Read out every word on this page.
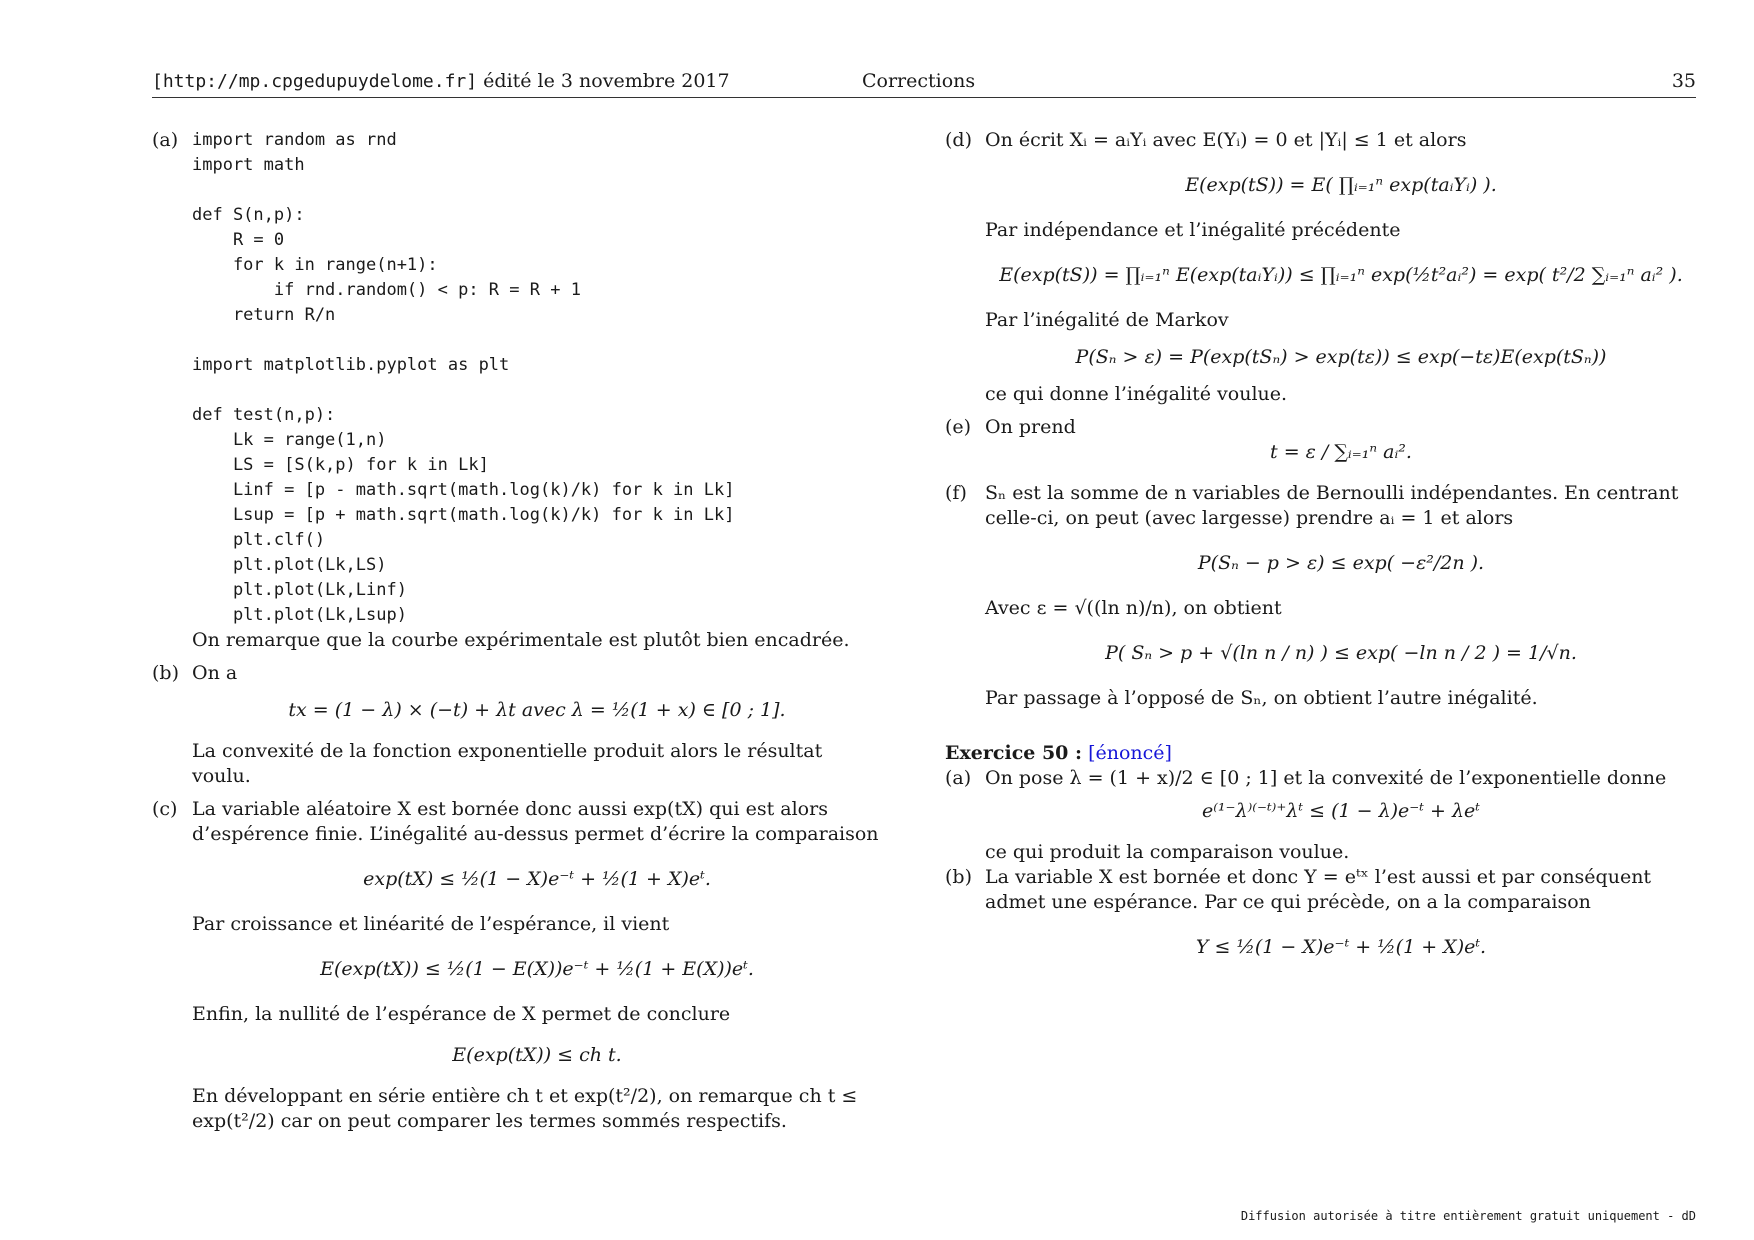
[http://mp.cpgedupuydelome.fr] édité le 3 novembre 2017	Corrections	35
(a) import random as rnd
import math

def S(n,p):
R = 0
for k in range(n+1):
if rnd.random() < p: R = R + 1
return R/n

import matplotlib.pyplot as plt

def test(n,p):
Lk = range(1,n)
LS = [S(k,p) for k in Lk]
Linf = [p - math.sqrt(math.log(k)/k) for k in Lk]
Lsup = [p + math.sqrt(math.log(k)/k) for k in Lk]
plt.clf()
plt.plot(Lk,LS)
plt.plot(Lk,Linf)
plt.plot(Lk,Lsup)

On remarque que la courbe expérimentale est plutôt bien encadrée.

(b) On a

tx = (1 − λ) × (−t) + λt avec λ = ½(1 + x) ∈ [0 ; 1].

La convexité de la fonction exponentielle produit alors le résultat voulu.

(c) La variable aléatoire X est bornée donc aussi exp(tX) qui est alors d’espérence finie. L’inégalité au-dessus permet d’écrire la comparaison

exp(tX) ≤ ½(1 − X)e⁻ᵗ + ½(1 + X)eᵗ.

Par croissance et linéarité de l’espérance, il vient

E(exp(tX)) ≤ ½(1 − E(X))e⁻ᵗ + ½(1 + E(X))eᵗ.

Enfin, la nullité de l’espérance de X permet de conclure

E(exp(tX)) ≤ ch t.

En développant en série entière ch t et exp(t²/2), on remarque ch t ≤ exp(t²/2) car on peut comparer les termes sommés respectifs.

(d) On écrit Xᵢ = aᵢYᵢ avec E(Yᵢ) = 0 et |Yᵢ| ≤ 1 et alors

E(exp(tS)) = E( ∏ᵢ₌₁ⁿ exp(taᵢYᵢ) ).

Par indépendance et l’inégalité précédente

E(exp(tS)) = ∏ᵢ₌₁ⁿ E(exp(taᵢYᵢ)) ≤ ∏ᵢ₌₁ⁿ exp(½t²aᵢ²) = exp( t²/2 ∑ᵢ₌₁ⁿ aᵢ² ).

Par l’inégalité de Markov

P(Sₙ > ε) = P(exp(tSₙ) > exp(tε)) ≤ exp(−tε)E(exp(tSₙ))

ce qui donne l’inégalité voulue.

(e) On prend

t = ε / ∑ᵢ₌₁ⁿ aᵢ².

(f) Sₙ est la somme de n variables de Bernoulli indépendantes. En centrant celle-ci, on peut (avec largesse) prendre aᵢ = 1 et alors

P(Sₙ − p > ε) ≤ exp( −ε²/2n ).

Avec ε = √((ln n)/n), on obtient

P( Sₙ > p + √(ln n / n) ) ≤ exp( −ln n / 2 ) = 1/√n.

Par passage à l’opposé de Sₙ, on obtient l’autre inégalité.

Exercice 50 : [énoncé]

(a) On pose λ = (1 + x)/2 ∈ [0 ; 1] et la convexité de l’exponentielle donne

e⁽¹⁻λ⁾⁽⁻ᵗ⁾⁺λᵗ ≤ (1 − λ)e⁻ᵗ + λeᵗ

ce qui produit la comparaison voulue.

(b) La variable X est bornée et donc Y = eᵗˣ l’est aussi et par conséquent admet une espérance. Par ce qui précède, on a la comparaison

Y ≤ ½(1 − X)e⁻ᵗ + ½(1 + X)eᵗ.

Diffusion autorisée à titre entièrement gratuit uniquement - dD
